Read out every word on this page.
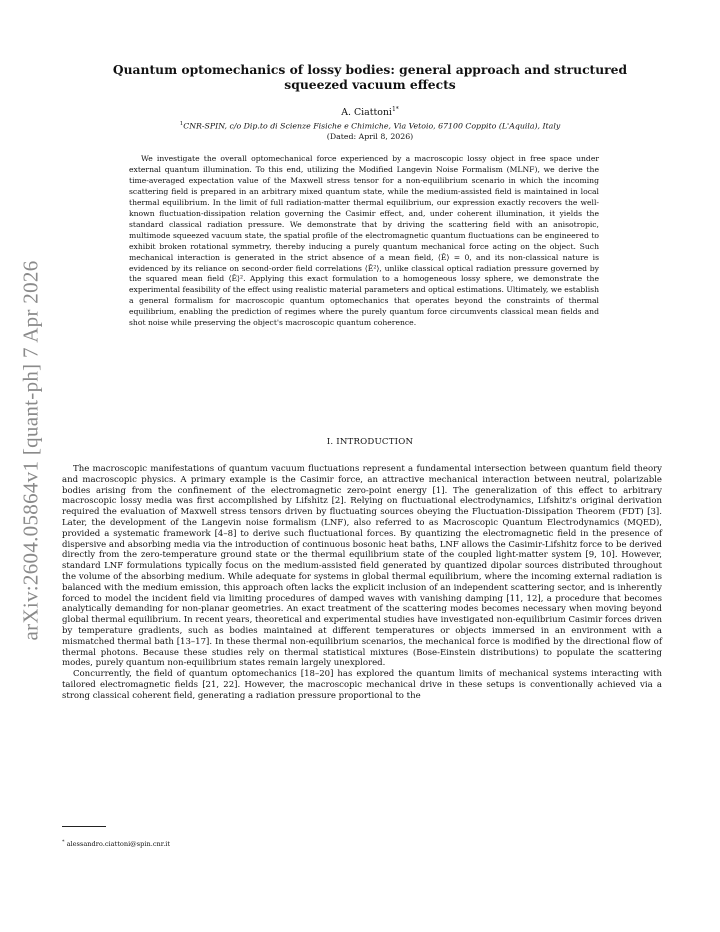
arXiv:2604.05864v1 [quant-ph] 7 Apr 2026
Quantum optomechanics of lossy bodies: general approach and structured squeezed vacuum effects
A. Ciattoni$^{1*}$
$^1$CNR-SPIN, c/o Dip.to di Scienze Fisiche e Chimiche, Via Vetoio, 67100 Coppito (L'Aquila), Italy
(Dated: April 8, 2026)

We investigate the overall optomechanical force experienced by a macroscopic lossy object in free space under external quantum illumination. To this end, utilizing the Modified Langevin Noise Formalism (MLNF), we derive the time-averaged expectation value of the Maxwell stress tensor for a non-equilibrium scenario in which the incoming scattering field is prepared in an arbitrary mixed quantum state, while the medium-assisted field is maintained in local thermal equilibrium. In the limit of full radiation-matter thermal equilibrium, our expression exactly recovers the well-known fluctuation-dissipation relation governing the Casimir effect, and, under coherent illumination, it yields the standard classical radiation pressure. We demonstrate that by driving the scattering field with an anisotropic, multimode squeezed vacuum state, the spatial profile of the electromagnetic quantum fluctuations can be engineered to exhibit broken rotational symmetry, thereby inducing a purely quantum mechanical force acting on the object. Such mechanical interaction is generated in the strict absence of a mean field, ⟨Ê⟩ = 0, and its non-classical nature is evidenced by its reliance on second-order field correlations ⟨Ê²⟩, unlike classical optical radiation pressure governed by the squared mean field ⟨Ê⟩². Applying this exact formulation to a homogeneous lossy sphere, we demonstrate the experimental feasibility of the effect using realistic material parameters and optical estimations. Ultimately, we establish a general formalism for macroscopic quantum optomechanics that operates beyond the constraints of thermal equilibrium, enabling the prediction of regimes where the purely quantum force circumvents classical mean fields and shot noise while preserving the object's macroscopic quantum coherence.

I. INTRODUCTION

The macroscopic manifestations of quantum vacuum fluctuations represent a fundamental intersection between quantum field theory and macroscopic physics. A primary example is the Casimir force, an attractive mechanical interaction between neutral, polarizable bodies arising from the confinement of the electromagnetic zero-point energy [1]. The generalization of this effect to arbitrary macroscopic lossy media was first accomplished by Lifshitz [2]. Relying on fluctuational electrodynamics, Lifshitz's original derivation required the evaluation of Maxwell stress tensors driven by fluctuating sources obeying the Fluctuation-Dissipation Theorem (FDT) [3]. Later, the development of the Langevin noise formalism (LNF), also referred to as Macroscopic Quantum Electrodynamics (MQED), provided a systematic framework [4–8] to derive such fluctuational forces. By quantizing the electromagnetic field in the presence of dispersive and absorbing media via the introduction of continuous bosonic heat baths, LNF allows the Casimir-Lifshitz force to be derived directly from the zero-temperature ground state or the thermal equilibrium state of the coupled light-matter system [9, 10]. However, standard LNF formulations typically focus on the medium-assisted field generated by quantized dipolar sources distributed throughout the volume of the absorbing medium. While adequate for systems in global thermal equilibrium, where the incoming external radiation is balanced with the medium emission, this approach often lacks the explicit inclusion of an independent scattering sector, and is inherently forced to model the incident field via limiting procedures of damped waves with vanishing damping [11, 12], a procedure that becomes analytically demanding for non-planar geometries. An exact treatment of the scattering modes becomes necessary when moving beyond global thermal equilibrium. In recent years, theoretical and experimental studies have investigated non-equilibrium Casimir forces driven by temperature gradients, such as bodies maintained at different temperatures or objects immersed in an environment with a mismatched thermal bath [13–17]. In these thermal non-equilibrium scenarios, the mechanical force is modified by the directional flow of thermal photons. Because these studies rely on thermal statistical mixtures (Bose-Einstein distributions) to populate the scattering modes, purely quantum non-equilibrium states remain largely unexplored.

Concurrently, the field of quantum optomechanics [18–20] has explored the quantum limits of mechanical systems interacting with tailored electromagnetic fields [21, 22]. However, the macroscopic mechanical drive in these setups is conventionally achieved via a strong classical coherent field, generating a radiation pressure proportional to the

* alessandro.ciattoni@spin.cnr.it
